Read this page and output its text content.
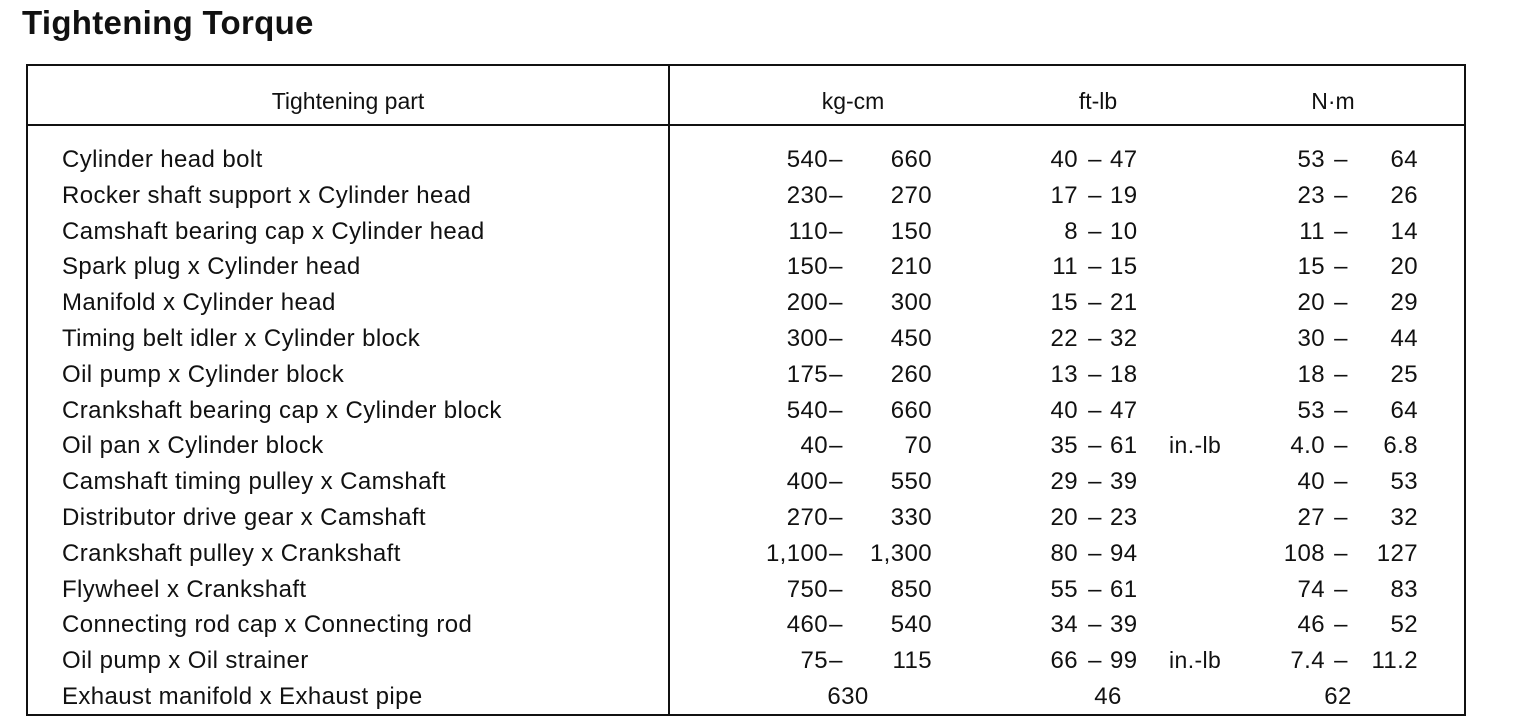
Tightening Torque
Tightening part	kg-cm	ft-lb	N·m
Cylinder head bolt	540 –	660	40 – 47	53 –	64
Rocker shaft support x Cylinder head	230 –	270	17 – 19	23 –	26
Camshaft bearing cap x Cylinder head	110 –	150	8 – 10	11 –	14
Spark plug x Cylinder head	150 –	210	11 – 15	15 –	20
Manifold x Cylinder head	200 –	300	15 – 21	20 –	29
Timing belt idler x Cylinder block	300 –	450	22 – 32	30 –	44
Oil pump x Cylinder block	175 –	260	13 – 18	18 –	25
Crankshaft bearing cap x Cylinder block	540 –	660	40 – 47	53 –	64
Oil pan x Cylinder block	40 –	70	35 – 61	in.-lb	4.0 –	6.8
Camshaft timing pulley x Camshaft	400 –	550	29 – 39	40 –	53
Distributor drive gear x Camshaft	270 –	330	20 – 23	27 –	32
Crankshaft pulley x Crankshaft	1,100 –	1,300	80 – 94	108 –	127
Flywheel x Crankshaft	750 –	850	55 – 61	74 –	83
Connecting rod cap x Connecting rod	460 –	540	34 – 39	46 –	52
Oil pump x Oil strainer	75 –	115	66 – 99	in.-lb	7.4 – 11.2
Exhaust manifold x Exhaust pipe	630	46	62
